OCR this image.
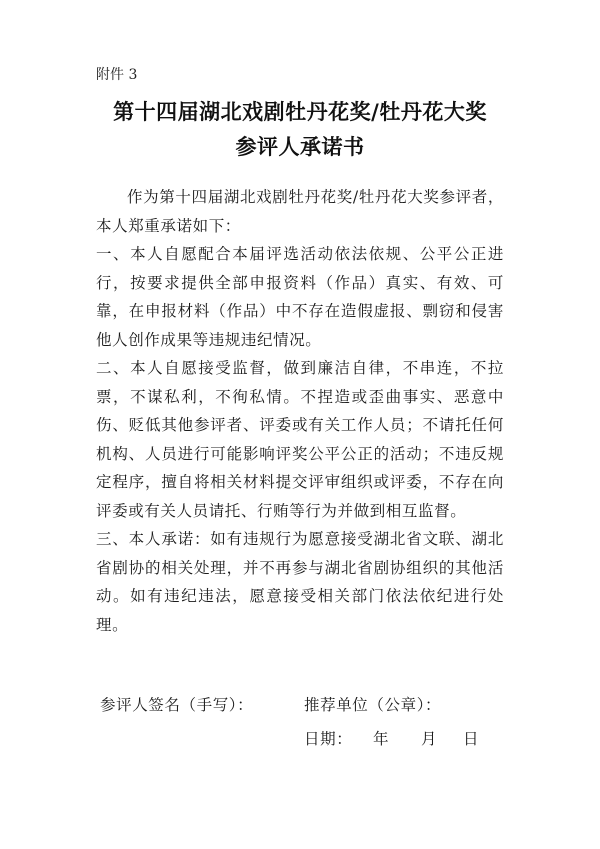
附件 3
第十四届湖北戏剧牡丹花奖/牡丹花大奖
参评人承诺书

作为第十四届湖北戏剧牡丹花奖/牡丹花大奖参评者，本人郑重承诺如下：

一、本人自愿配合本届评选活动依法依规、公平公正进行，按要求提供全部申报资料（作品）真实、有效、可靠，在申报材料（作品）中不存在造假虚报、剽窃和侵害他人创作成果等违规违纪情况。

二、本人自愿接受监督，做到廉洁自律，不串连，不拉票，不谋私利，不徇私情。不捏造或歪曲事实、恶意中伤、贬低其他参评者、评委或有关工作人员；不请托任何机构、人员进行可能影响评奖公平公正的活动；不违反规定程序，擅自将相关材料提交评审组织或评委，不存在向评委或有关人员请托、行贿等行为并做到相互监督。

三、本人承诺：如有违规行为愿意接受湖北省文联、湖北省剧协的相关处理，并不再参与湖北省剧协组织的其他活动。如有违纪违法，愿意接受相关部门依法依纪进行处理。

参评人签名（手写）：	推荐单位（公章）：
日期： 年 月 日
